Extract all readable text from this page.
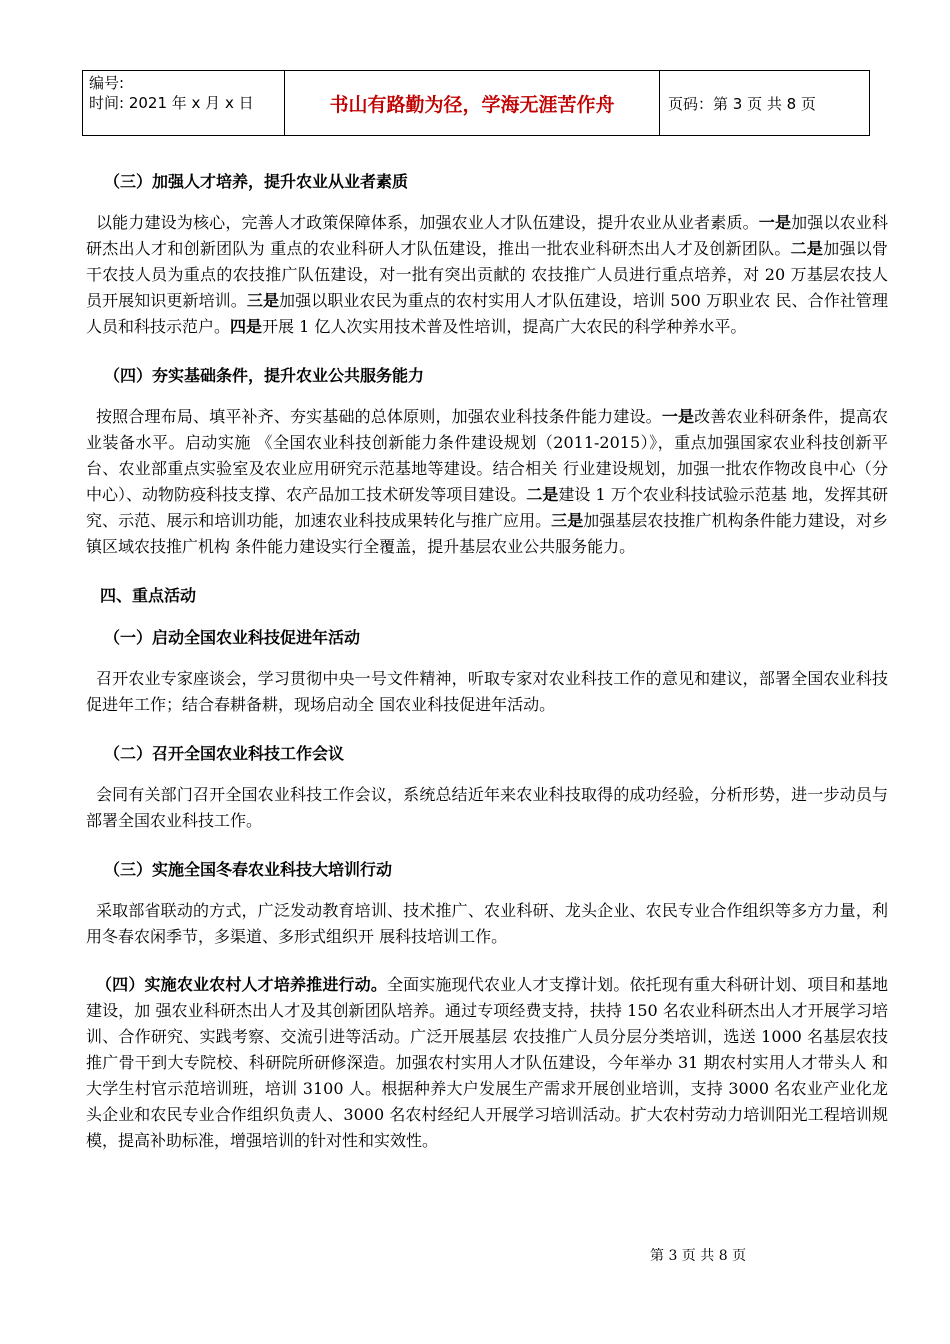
编号:
时间: 2021 年 x 月 x 日	书山有路勤为径，学海无涯苦作舟	页码：第 3 页 共 8 页
（三）加强人才培养，提升农业从业者素质

以能力建设为核心，完善人才政策保障体系，加强农业人才队伍建设，提升农业从业者素质。一是加强以农业科研杰出人才和创新团队为 重点的农业科研人才队伍建设，推出一批农业科研杰出人才及创新团队。二是加强以骨干农技人员为重点的农技推广队伍建设，对一批有突出贡献的 农技推广人员进行重点培养，对 20 万基层农技人员开展知识更新培训。三是加强以职业农民为重点的农村实用人才队伍建设，培训 500 万职业农 民、合作社管理人员和科技示范户。四是开展 1 亿人次实用技术普及性培训，提高广大农民的科学种养水平。

（四）夯实基础条件，提升农业公共服务能力

按照合理布局、填平补齐、夯实基础的总体原则，加强农业科技条件能力建设。一是改善农业科研条件，提高农业装备水平。启动实施 《全国农业科技创新能力条件建设规划（2011-2015）》，重点加强国家农业科技创新平台、农业部重点实验室及农业应用研究示范基地等建设。结合相关 行业建设规划，加强一批农作物改良中心（分中心）、动物防疫科技支撑、农产品加工技术研发等项目建设。二是建设 1 万个农业科技试验示范基 地，发挥其研究、示范、展示和培训功能，加速农业科技成果转化与推广应用。三是加强基层农技推广机构条件能力建设，对乡镇区域农技推广机构 条件能力建设实行全覆盖，提升基层农业公共服务能力。

四、重点活动
（一）启动全国农业科技促进年活动

召开农业专家座谈会，学习贯彻中央一号文件精神，听取专家对农业科技工作的意见和建议，部署全国农业科技促进年工作；结合春耕备耕，现场启动全 国农业科技促进年活动。

（二）召开全国农业科技工作会议

会同有关部门召开全国农业科技工作会议，系统总结近年来农业科技取得的成功经验，分析形势，进一步动员与部署全国农业科技工作。

（三）实施全国冬春农业科技大培训行动

采取部省联动的方式，广泛发动教育培训、技术推广、农业科研、龙头企业、农民专业合作组织等多方力量，利用冬春农闲季节，多渠道、多形式组织开 展科技培训工作。

（四）实施农业农村人才培养推进行动。全面实施现代农业人才支撑计划。依托现有重大科研计划、项目和基地建设，加 强农业科研杰出人才及其创新团队培养。通过专项经费支持，扶持 150 名农业科研杰出人才开展学习培训、合作研究、实践考察、交流引进等活动。广泛开展基层 农技推广人员分层分类培训，选送 1000 名基层农技推广骨干到大专院校、科研院所研修深造。加强农村实用人才队伍建设，今年举办 31 期农村实用人才带头人 和大学生村官示范培训班，培训 3100 人。根据种养大户发展生产需求开展创业培训，支持 3000 名农业产业化龙头企业和农民专业合作组织负责人、3000 名农村经纪人开展学习培训活动。扩大农村劳动力培训阳光工程培训规模，提高补助标准，增强培训的针对性和实效性。

第 3 页 共 8 页
